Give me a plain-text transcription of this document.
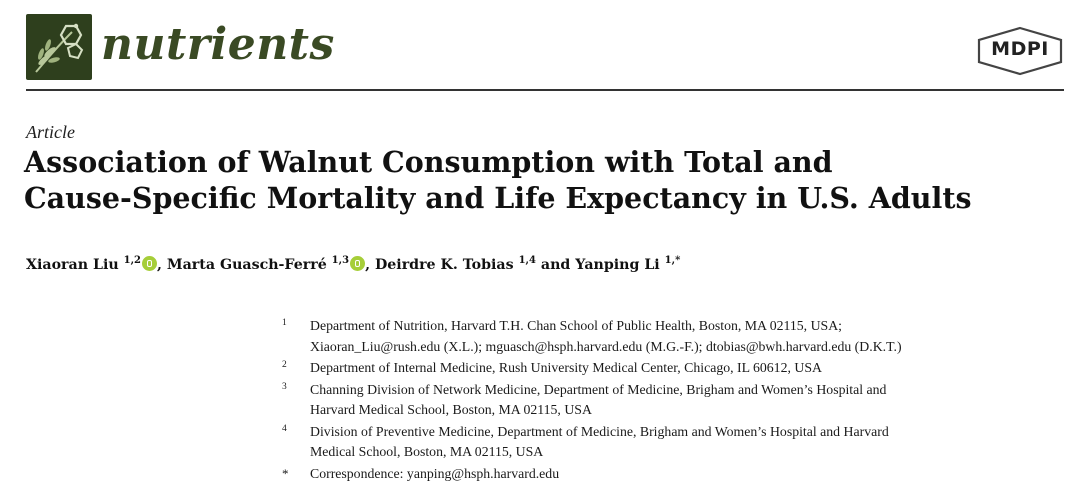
nutrients	MDPI
Article
Association of Walnut Consumption with Total and
Cause-Specific Mortality and Life Expectancy in U.S. Adults
Xiaoran Liu $^{1,2}$ , Marta Guasch-Ferré $^{1,3}$ , Deirdre K. Tobias $^{1,4}$ and Yanping Li $^{1,*}$
1	Department of Nutrition, Harvard T.H. Chan School of Public Health, Boston, MA 02115, USA;
Xiaoran_Liu@rush.edu (X.L.); mguasch@hsph.harvard.edu (M.G.-F.); dtobias@bwh.harvard.edu (D.K.T.)
2	Department of Internal Medicine, Rush University Medical Center, Chicago, IL 60612, USA
3	Channing Division of Network Medicine, Department of Medicine, Brigham and Women’s Hospital and
Harvard Medical School, Boston, MA 02115, USA
4	Division of Preventive Medicine, Department of Medicine, Brigham and Women’s Hospital and Harvard
Medical School, Boston, MA 02115, USA
*	Correspondence: yanping@hsph.harvard.edu
